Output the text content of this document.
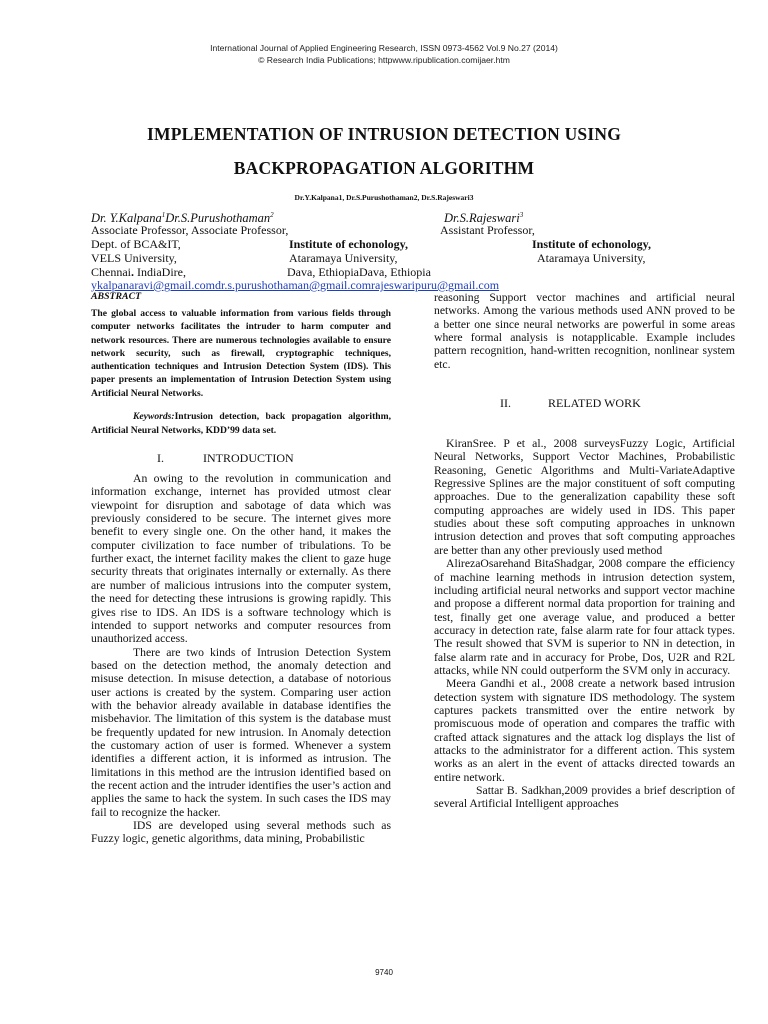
International Journal of Applied Engineering Research, ISSN 0973-4562 Vol.9 No.27 (2014)
© Research India Publications; httpwww.ripublication.comijaer.htm
IMPLEMENTATION OF INTRUSION DETECTION USING
BACKPROPAGATION ALGORITHM
Dr.Y.Kalpana1, Dr.S.Purushothaman2, Dr.S.Rajeswari3
Dr. Y.Kalpana$^1$Dr.S.Purushothaman$^2$	Dr.S.Rajeswari$^3$
Associate Professor, Associate Professor,	Assistant Professor,
Dept. of BCA&IT,	Institute of echonology,	Institute of echonology,
VELS University,	Ataramaya University,	Ataramaya University,
Chennai. IndiaDire,	Dava, EthiopiaDava, Ethiopia
ykalpanaravi@gmail.comdr.s.purushothaman@gmail.comrajeswaripuru@gmail.com
ABSTRACT
The global access to valuable information from various fields through computer networks facilitates the intruder to harm computer and network resources. There are numerous technologies available to ensure network security, such as firewall, cryptographic techniques, authentication techniques and Intrusion Detection System (IDS). This paper presents an implementation of Intrusion Detection System using Artificial Neural Networks.
Keywords:Intrusion detection, back propagation algorithm, Artificial Neural Networks, KDD’99 data set.
I.	INTRODUCTION

An owing to the revolution in communication and information exchange, internet has provided utmost clear viewpoint for disruption and sabotage of data which was previously considered to be secure. The internet gives more benefit to every single one. On the other hand, it makes the computer civilization to face number of tribulations. To be further exact, the internet facility makes the client to gaze huge security threats that originates internally or externally. As there are number of malicious intrusions into the computer system, the need for detecting these intrusions is growing rapidly. This gives rise to IDS. An IDS is a software technology which is intended to support networks and computer resources from unauthorized access.

There are two kinds of Intrusion Detection System based on the detection method, the anomaly detection and misuse detection. In misuse detection, a database of notorious user actions is created by the system. Comparing user action with the behavior already available in database identifies the misbehavior. The limitation of this system is the database must be frequently updated for new intrusion. In Anomaly detection the customary action of user is formed. Whenever a system identifies a different action, it is informed as intrusion. The limitations in this method are the intrusion identified based on the recent action and the intruder identifies the user’s action and applies the same to hack the system. In such cases the IDS may fail to recognize the hacker.

IDS are developed using several methods such as Fuzzy logic, genetic algorithms, data mining, Probabilistic

reasoning Support vector machines and artificial neural networks. Among the various methods used ANN proved to be a better one since neural networks are powerful in some areas where formal analysis is notapplicable. Example includes pattern recognition, hand-written recognition, nonlinear system etc.
II.	RELATED WORK

KiranSree. P et al., 2008 surveysFuzzy Logic, Artificial Neural Networks, Support Vector Machines, Probabilistic Reasoning, Genetic Algorithms and Multi-VariateAdaptive Regressive Splines are the major constituent of soft computing approaches. Due to the generalization capability these soft computing approaches are widely used in IDS. This paper studies about these soft computing approaches in unknown intrusion detection and proves that soft computing approaches are better than any other previously used method

AlirezaOsarehand BitaShadgar, 2008 compare the efficiency of machine learning methods in intrusion detection system, including artificial neural networks and support vector machine and propose a different normal data proportion for training and test, finally get one average value, and produced a better accuracy in detection rate, false alarm rate for four attack types. The result showed that SVM is superior to NN in detection, in false alarm rate and in accuracy for Probe, Dos, U2R and R2L attacks, while NN could outperform the SVM only in accuracy.

Meera Gandhi et al., 2008 create a network based intrusion detection system with signature IDS methodology. The system captures packets transmitted over the entire network by promiscuous mode of operation and compares the traffic with crafted attack signatures and the attack log displays the list of attacks to the administrator for a different action. This system works as an alert in the event of attacks directed towards an entire network.

Sattar B. Sadkhan,2009 provides a brief description of several Artificial Intelligent approaches

9740
